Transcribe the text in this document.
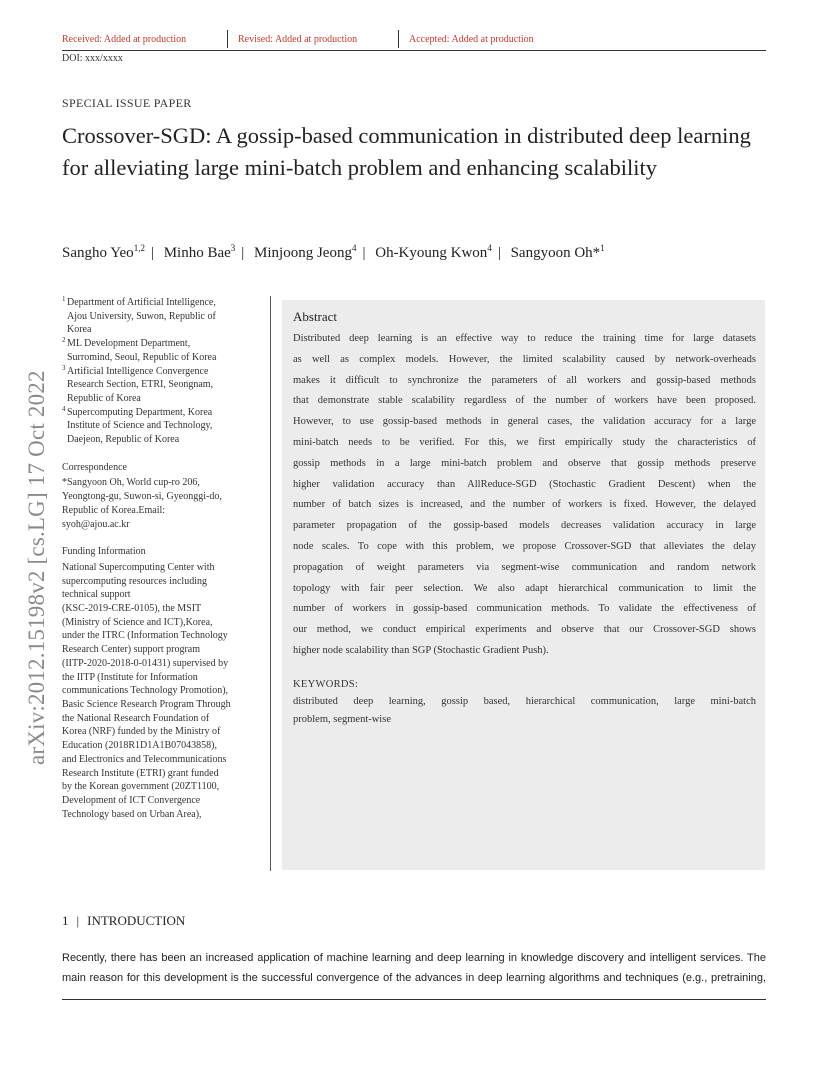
Received: Added at production	Revised: Added at production	Accepted: Added at production
DOI: xxx/xxxx
arXiv:2012.15198v2 [cs.LG] 17 Oct 2022
SPECIAL ISSUE PAPER
Crossover-SGD: A gossip-based communication in distributed deep learning for alleviating large mini-batch problem and enhancing scalability
Sangho Yeo$^{1,2}$ | Minho Bae$^3$ | Minjoong Jeong$^4$ | Oh-Kyoung Kwon$^4$ | Sangyoon Oh*$^1$
1 Department of Artificial Intelligence,
Ajou University, Suwon, Republic of
Korea
2 ML Development Department,
Surromind, Seoul, Republic of Korea
3 Artificial Intelligence Convergence
Research Section, ETRI, Seongnam,
Republic of Korea
4 Supercomputing Department, Korea
Institute of Science and Technology,
Daejeon, Republic of Korea
Correspondence
*Sangyoon Oh, World cup-ro 206,
Yeongtong-gu, Suwon-si, Gyeonggi-do,
Republic of Korea.Email:
syoh@ajou.ac.kr
Funding Information
National Supercomputing Center with
supercomputing resources including
technical support
(KSC-2019-CRE-0105), the MSIT
(Ministry of Science and ICT),Korea,
under the ITRC (Information Technology
Research Center) support program
(IITP-2020-2018-0-01431) supervised by
the IITP (Institute for Information
communications Technology Promotion),
Basic Science Research Program Through
the National Research Foundation of
Korea (NRF) funded by the Ministry of
Education (2018R1D1A1B07043858),
and Electronics and Telecommunications
Research Institute (ETRI) grant funded
by the Korean government (20ZT1100,
Development of ICT Convergence
Technology based on Urban Area),
Abstract
Distributed deep learning is an effective way to reduce the training time for large datasets
as well as complex models. However, the limited scalability caused by network-overheads
makes it difficult to synchronize the parameters of all workers and gossip-based methods
that demonstrate stable scalability regardless of the number of workers have been proposed.
However, to use gossip-based methods in general cases, the validation accuracy for a large
mini-batch needs to be verified. For this, we first empirically study the characteristics of
gossip methods in a large mini-batch problem and observe that gossip methods preserve
higher validation accuracy than AllReduce-SGD (Stochastic Gradient Descent) when the
number of batch sizes is increased, and the number of workers is fixed. However, the delayed
parameter propagation of the gossip-based models decreases validation accuracy in large
node scales. To cope with this problem, we propose Crossover-SGD that alleviates the delay
propagation of weight parameters via segment-wise communication and random network
topology with fair peer selection. We also adapt hierarchical communication to limit the
number of workers in gossip-based communication methods. To validate the effectiveness of
our method, we conduct empirical experiments and observe that our Crossover-SGD shows
higher node scalability than SGP (Stochastic Gradient Push).
KEYWORDS:
distributed deep learning, gossip based, hierarchical communication, large mini-batch
problem, segment-wise
1 | INTRODUCTION
Recently, there has been an increased application of machine learning and deep learning in knowledge discovery and intelligent services. The
main reason for this development is the successful convergence of the advances in deep learning algorithms and techniques (e.g., pretraining,
